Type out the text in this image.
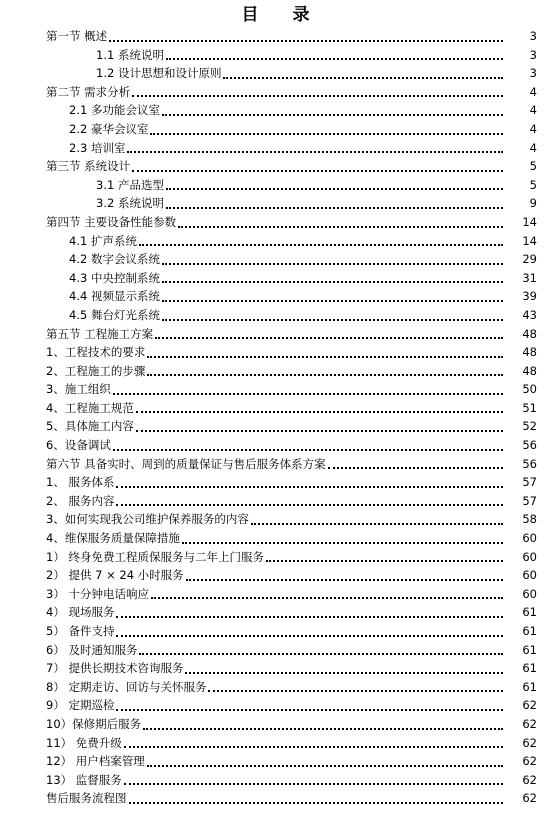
目 录
第一节 概述	3
1.1 系统说明	3
1.2 设计思想和设计原则	3
第二节 需求分析	4
2.1 多功能会议室	4
2.2 豪华会议室	4
2.3 培训室	4
第三节 系统设计	5
3.1 产品选型	5
3.2 系统说明	9
第四节 主要设备性能参数	14
4.1 扩声系统	14
4.2 数字会议系统	29
4.3 中央控制系统	31
4.4 视频显示系统	39
4.5 舞台灯光系统	43
第五节 工程施工方案	48
1、工程技术的要求	48
2、工程施工的步骤	48
3、施工组织	50
4、工程施工规范	51
5、具体施工内容	52
6、设备调试	56
第六节 具备实时、周到的质量保证与售后服务体系方案	56
1、 服务体系	57
2、 服务内容	57
3、如何实现我公司维护保养服务的内容	58
4、维保服务质量保障措施	60
1） 终身免费工程质保服务与二年上门服务	60
2） 提供 7 × 24 小时服务	60
3） 十分钟电话响应	60
4） 现场服务	61
5） 备件支持	61
6） 及时通知服务	61
7） 提供长期技术咨询服务	61
8） 定期走访、回访与关怀服务	61
9） 定期巡检	62
10）保修期后服务	62
11） 免费升级	62
12） 用户档案管理	62
13） 监督服务	62
售后服务流程图	62
